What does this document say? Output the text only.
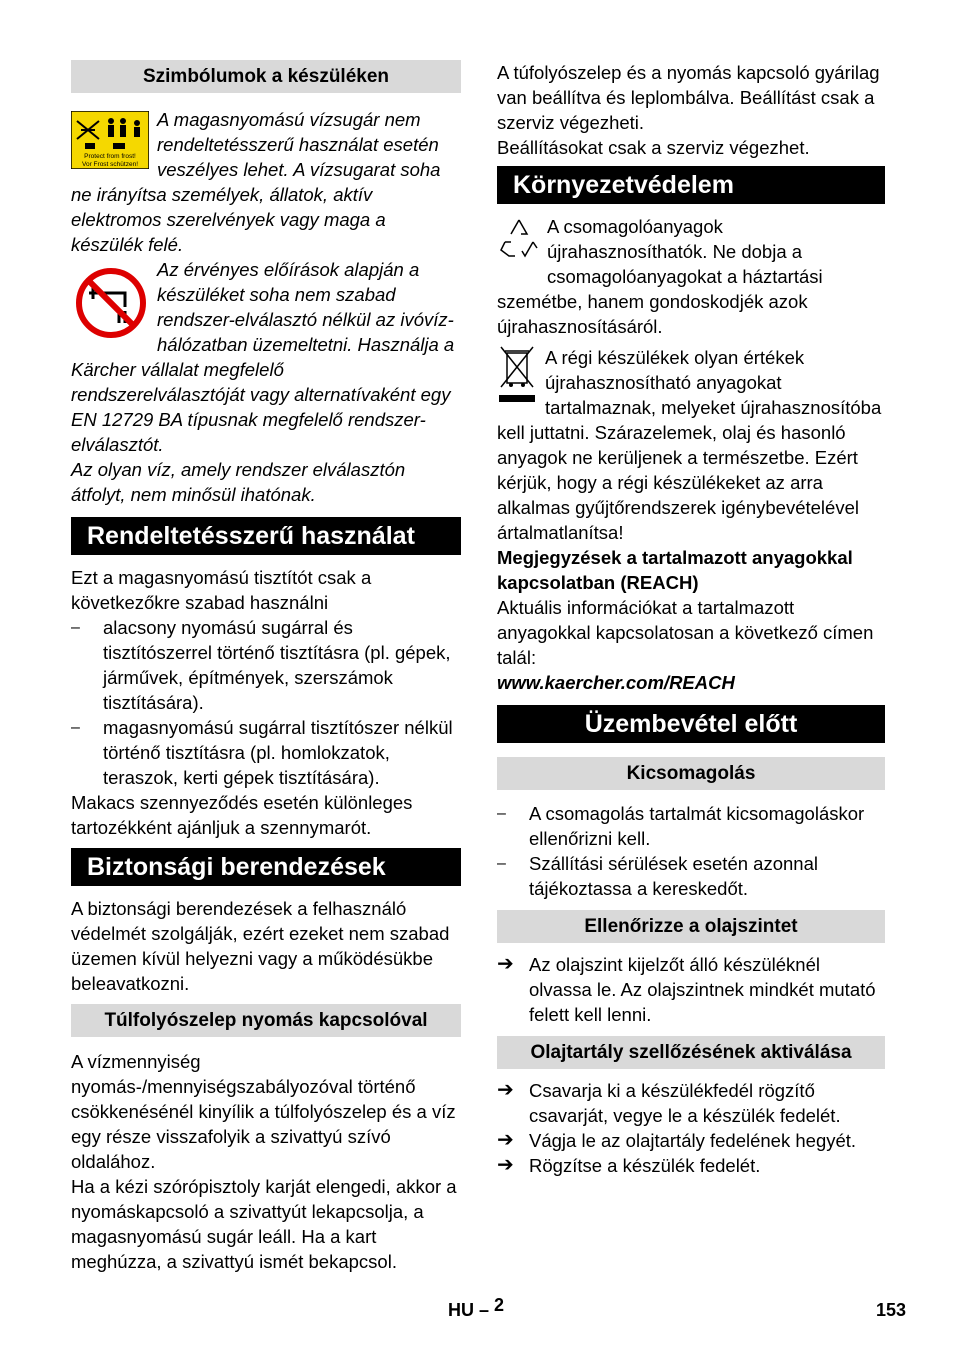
Szimbólumok a készüléken
Protect from frost!
Vor Frost schützen!

A magasnyomású vízsugár nem rendeltetésszerű használat esetén veszélyes lehet. A vízsugarat soha ne irányítsa személyek, állatok, aktív elektromos szerelvények vagy maga a készülék felé.

Az érvényes előírások alapján a készüléket soha nem szabad rendszer-elválasztó nélkül az ivóvíz-hálózatban üzemeltetni. Használja a Kärcher vállalat megfelelő rendszerelválasztóját vagy alternatívaként egy EN 12729 BA típusnak megfelelő rendszer-elválasztót.

Az olyan víz, amely rendszer elválasztón átfolyt, nem minősül ihatónak.

Rendeltetésszerű használat

Ezt a magasnyomású tisztítót csak a következőkre szabad használni

– alacsony nyomású sugárral és tisztítószerrel történő tisztításra (pl. gépek, járművek, építmények, szerszámok tisztítására).
– magasnyomású sugárral tisztítószer nélkül történő tisztításra (pl. homlokzatok, teraszok, kerti gépek tisztítására).

Makacs szennyeződés esetén különleges tartozékként ajánljuk a szennymarót.

Biztonsági berendezések

A biztonsági berendezések a felhasználó védelmét szolgálják, ezért ezeket nem szabad üzemen kívül helyezni vagy a működésükbe beleavatkozni.

Túlfolyószelep nyomás kapcsolóval

A vízmennyiség nyomás-/mennyiségszabályozóval történő csökkenésénél kinyílik a túlfolyószelep és a víz egy része visszafolyik a szivattyú szívó oldalához.

Ha a kézi szórópisztoly karját elengedi, akkor a nyomáskapcsoló a szivattyút lekapcsolja, a magasnyomású sugár leáll. Ha a kart meghúzza, a szivattyú ismét bekapcsol.

A túfolyószelep és a nyomás kapcsoló gyárilag van beállítva és leplombálva. Beállítást csak a szerviz végezheti.

Beállításokat csak a szerviz végezhet.

Környezetvédelem

A csomagolóanyagok újrahasznosíthatók. Ne dobja a csomagolóanyagokat a háztartási szemétbe, hanem gondoskodjék azok újrahasznosításáról.

A régi készülékek olyan értékek újrahasznosítható anyagokat tartalmaznak, melyeket újrahasznosítóba kell juttatni. Szárazelemek, olaj és hasonló anyagok ne kerüljenek a természetbe. Ezért kérjük, hogy a régi készülékeket az arra alkalmas gyűjtőrendszerek igénybevételével ártalmatlanítsa!

Megjegyzések a tartalmazott anyagokkal kapcsolatban (REACH)

Aktuális információkat a tartalmazott anyagokkal kapcsolatosan a következő címen talál:

www.kaercher.com/REACH

Üzembevétel előtt
Kicsomagolás
– A csomagolás tartalmát kicsomagoláskor ellenőrizni kell.
– Szállítási sérülések esetén azonnal tájékoztassa a kereskedőt.
Ellenőrizze a olajszintet
➔ Az olajszint kijelzőt álló készüléknél olvassa le. Az olajszintnek mindkét mutató felett kell lenni.
Olajtartály szellőzésének aktiválása
➔ Csavarja ki a készülékfedél rögzítő csavarját, vegye le a készülék fedelét.
➔ Vágja le az olajtartály fedelének hegyét.
➔ Rögzítse a készülék fedelét.
HU – 2	153
